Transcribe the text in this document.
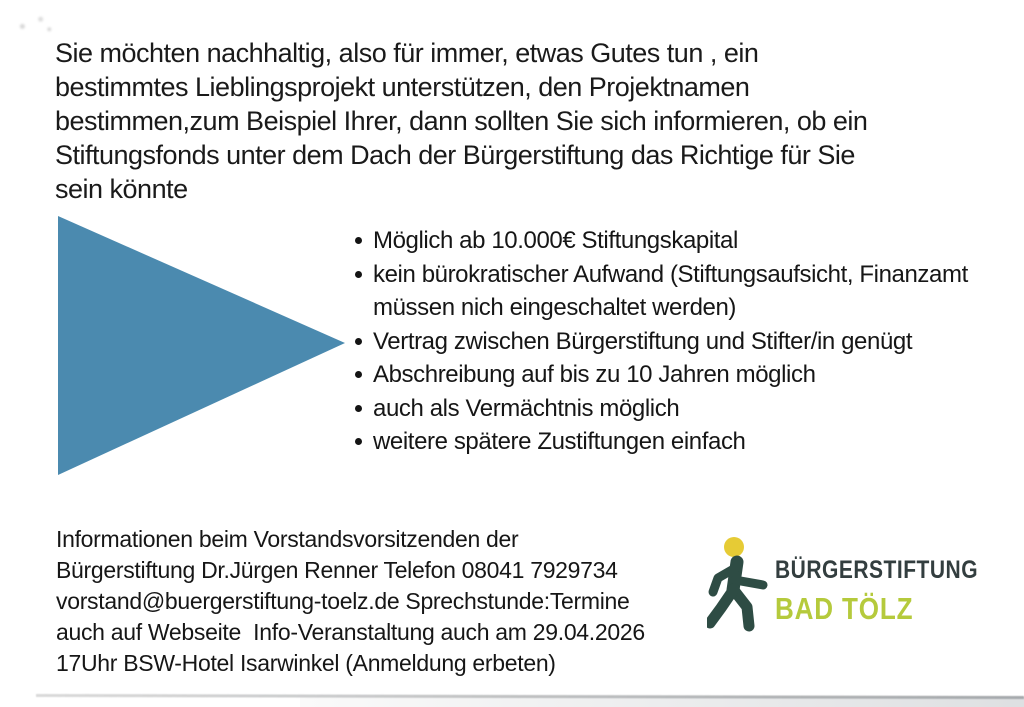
Sie möchten nachhaltig, also für immer, etwas Gutes tun , ein
bestimmtes Lieblingsprojekt unterstützen, den Projektnamen
bestimmen,zum Beispiel Ihrer, dann sollten Sie sich informieren, ob ein
Stiftungsfonds unter dem Dach der Bürgerstiftung das Richtige für Sie
sein könnte
Möglich ab 10.000€ Stiftungskapital
kein bürokratischer Aufwand (Stiftungsaufsicht, Finanzamt müssen nich eingeschaltet werden)
Vertrag zwischen Bürgerstiftung und Stifter/in genügt
Abschreibung auf bis zu 10 Jahren möglich
auch als Vermächtnis möglich
weitere spätere Zustiftungen einfach
Informationen beim Vorstandsvorsitzenden der
Bürgerstiftung Dr.Jürgen Renner Telefon 08041 7929734
vorstand@buergerstiftung-toelz.de Sprechstunde:Termine
auch auf Webseite  Info-Veranstaltung auch am 29.04.2026
17Uhr BSW-Hotel Isarwinkel (Anmeldung erbeten)
BÜRGERSTIFTUNG
BAD TÖLZ
